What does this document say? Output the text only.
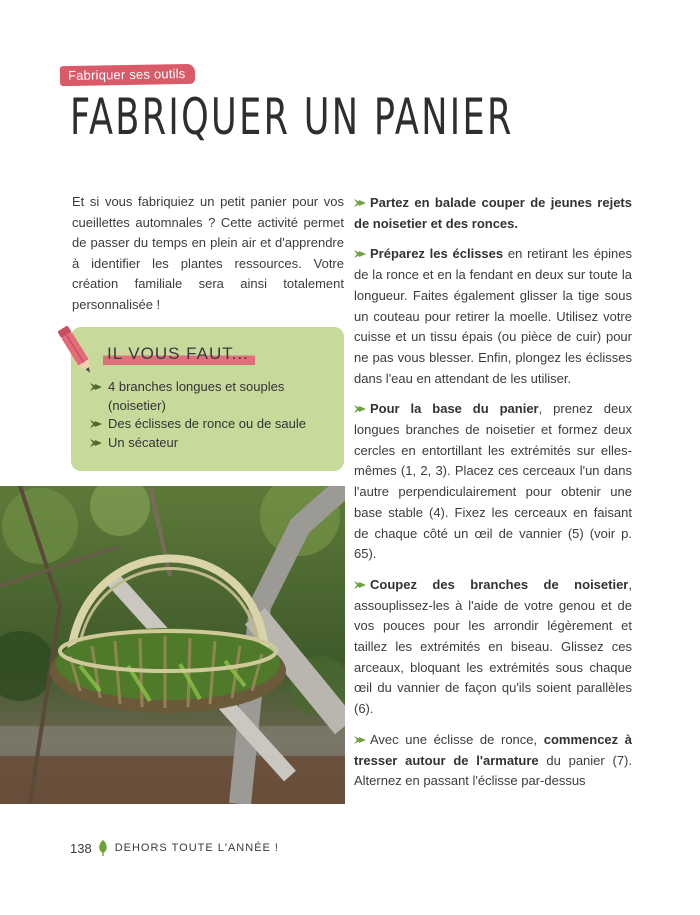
Fabriquer ses outils
FABRIQUER UN PANIER

Et si vous fabriquiez un petit panier pour vos cueillettes automnales ? Cette activité permet de passer du temps en plein air et d'apprendre à identifier les plantes ressources. Votre création familiale sera ainsi totalement personnalisée !

IL VOUS FAUT...
4 branches longues et souples (noisetier)
Des éclisses de ronce ou de saule
Un sécateur

Partez en balade couper de jeunes rejets de noisetier et des ronces.

Préparez les éclisses en retirant les épines de la ronce et en la fendant en deux sur toute la longueur. Faites également glisser la tige sous un couteau pour retirer la moelle. Utilisez votre cuisse et un tissu épais (ou pièce de cuir) pour ne pas vous blesser. Enfin, plongez les éclisses dans l'eau en attendant de les utiliser.

Pour la base du panier, prenez deux longues branches de noisetier et formez deux cercles en entortillant les extrémités sur elles-mêmes (1, 2, 3). Placez ces cerceaux l'un dans l'autre perpendiculairement pour obtenir une base stable (4). Fixez les cerceaux en faisant de chaque côté un œil de vannier (5) (voir p. 65).

Coupez des branches de noisetier, assouplissez-les à l'aide de votre genou et de vos pouces pour les arrondir légèrement et taillez les extrémités en biseau. Glissez ces arceaux, bloquant les extrémités sous chaque œil du vannier de façon qu'ils soient parallèles (6).

Avec une éclisse de ronce, commencez à tresser autour de l'armature du panier (7). Alternez en passant l'éclisse par-dessus

138 DEHORS TOUTE L'ANNÉE !
